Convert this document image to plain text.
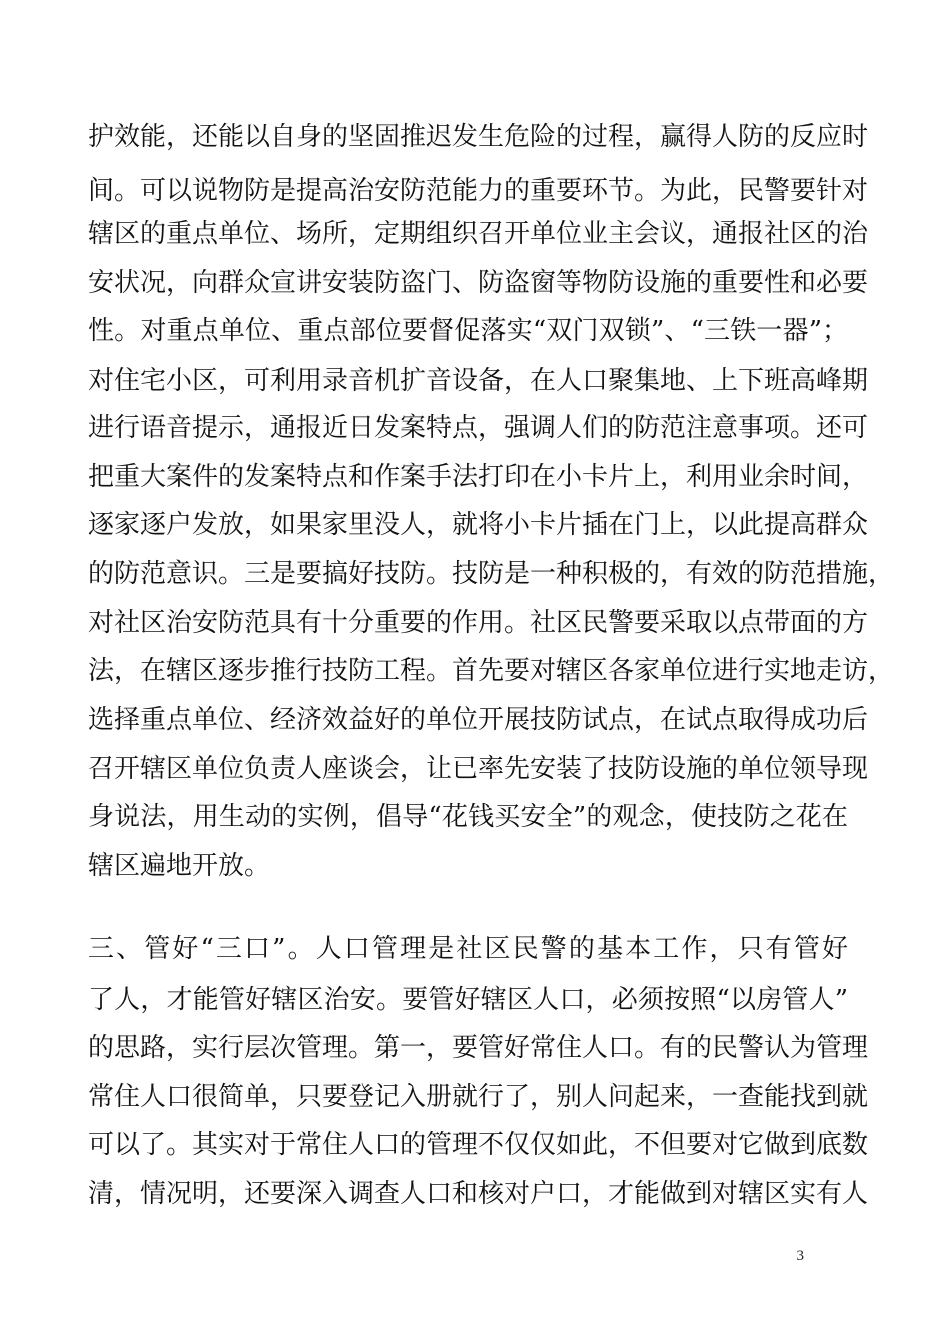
护效能，还能以自身的坚固推迟发生危险的过程，赢得人防的反应时
间。可以说物防是提高治安防范能力的重要环节。为此，民警要针对
辖区的重点单位、场所，定期组织召开单位业主会议，通报社区的治
安状况，向群众宣讲安装防盗门、防盗窗等物防设施的重要性和必要
性。对重点单位、重点部位要督促落实“双门双锁”、“三铁一器”；
对住宅小区，可利用录音机扩音设备，在人口聚集地、上下班高峰期
进行语音提示，通报近日发案特点，强调人们的防范注意事项。还可
把重大案件的发案特点和作案手法打印在小卡片上，利用业余时间，
逐家逐户发放，如果家里没人，就将小卡片插在门上，以此提高群众
的防范意识。三是要搞好技防。技防是一种积极的，有效的防范措施，
对社区治安防范具有十分重要的作用。社区民警要采取以点带面的方
法，在辖区逐步推行技防工程。首先要对辖区各家单位进行实地走访，
选择重点单位、经济效益好的单位开展技防试点，在试点取得成功后
召开辖区单位负责人座谈会，让已率先安装了技防设施的单位领导现
身说法，用生动的实例，倡导“花钱买安全”的观念，使技防之花在
辖区遍地开放。
三、管好“三口”。人口管理是社区民警的基本工作，只有管好
了人，才能管好辖区治安。要管好辖区人口，必须按照“以房管人”
的思路，实行层次管理。第一，要管好常住人口。有的民警认为管理
常住人口很简单，只要登记入册就行了，别人问起来，一查能找到就
可以了。其实对于常住人口的管理不仅仅如此，不但要对它做到底数
清，情况明，还要深入调查人口和核对户口，才能做到对辖区实有人
3
